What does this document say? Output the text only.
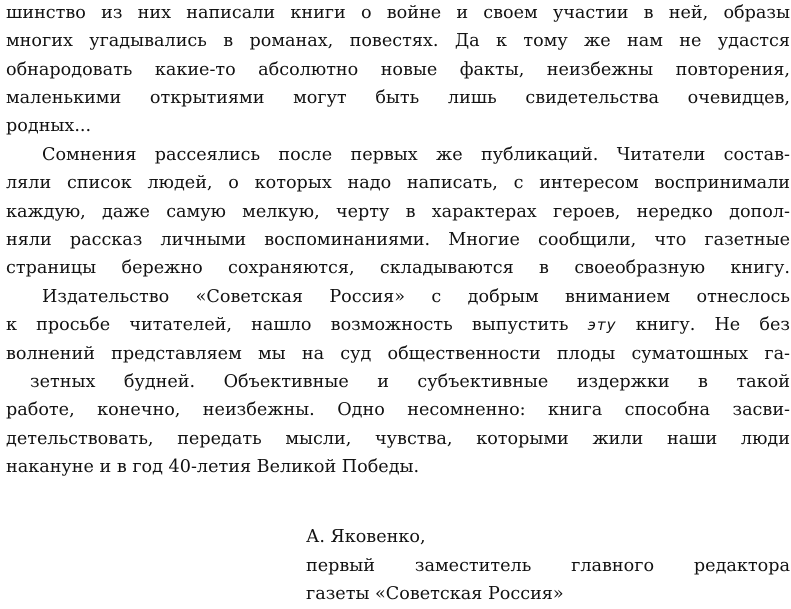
шинство из них написали книги о войне и своем участии в ней, образы
многих угадывались в романах, повестях. Да к тому же нам не удастся
обнародовать какие-то абсолютно новые факты, неизбежны повторения,
маленькими открытиями могут быть лишь свидетельства очевидцев,
родных...
Сомнения рассеялись после первых же публикаций. Читатели состав-
ляли список людей, о которых надо написать, с интересом воспринимали
каждую, даже самую мелкую, черту в характерах героев, нередко допол-
няли рассказ личными воспоминаниями. Многие сообщили, что газетные
страницы бережно сохраняются, складываются в своеобразную книгу.
Издательство «Советская Россия» с добрым вниманием отнеслось
к просьбе читателей, нашло возможность выпустить эту книгу. Не без
волнений представляем мы на суд общественности плоды суматошных га-
зетных будней. Объективные и субъективные издержки в такой
работе, конечно, неизбежны. Одно несомненно: книга способна засви-
детельствовать, передать мысли, чувства, которыми жили наши люди
накануне и в год 40-летия Великой Победы.
А. Яковенко,
первый заместитель главного редактора
газеты «Советская Россия»
